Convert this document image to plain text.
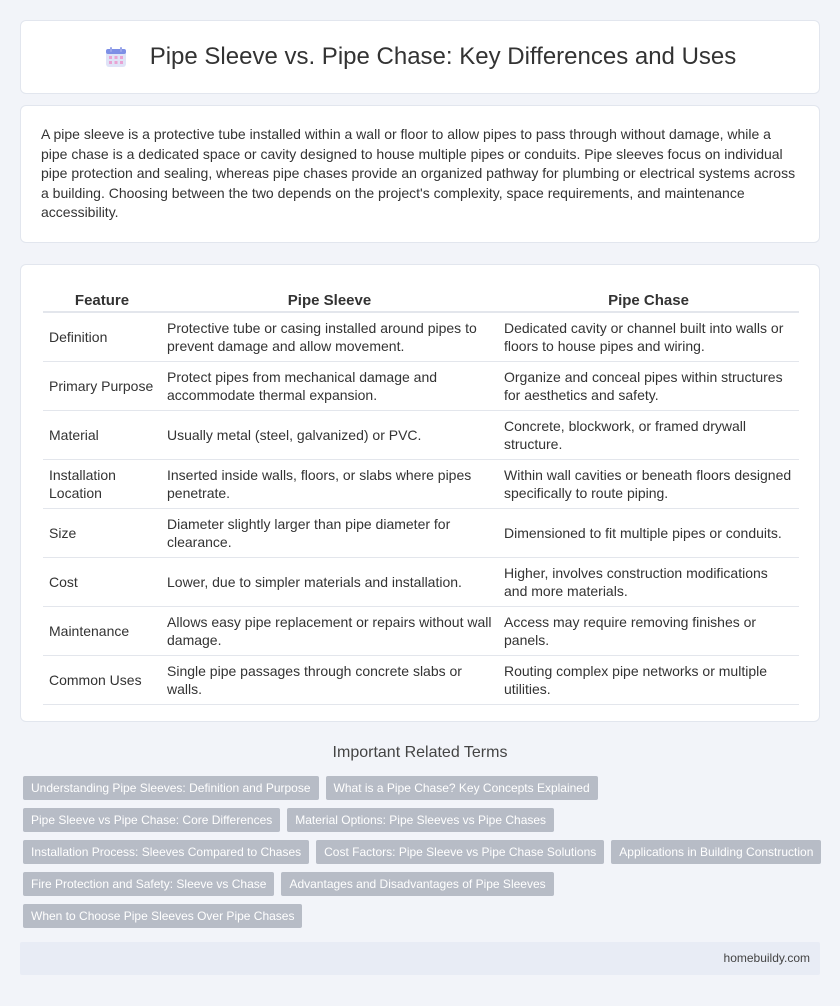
Pipe Sleeve vs. Pipe Chase: Key Differences and Uses

A pipe sleeve is a protective tube installed within a wall or floor to allow pipes to pass through without damage, while a pipe chase is a dedicated space or cavity designed to house multiple pipes or conduits. Pipe sleeves focus on individual pipe protection and sealing, whereas pipe chases provide an organized pathway for plumbing or electrical systems across a building. Choosing between the two depends on the project's complexity, space requirements, and maintenance accessibility.

Feature	Pipe Sleeve	Pipe Chase
Definition	Protective tube or casing installed around pipes to prevent damage and allow movement.	Dedicated cavity or channel built into walls or floors to house pipes and wiring.
Primary Purpose	Protect pipes from mechanical damage and accommodate thermal expansion.	Organize and conceal pipes within structures for aesthetics and safety.
Material	Usually metal (steel, galvanized) or PVC.	Concrete, blockwork, or framed drywall structure.
Installation Location	Inserted inside walls, floors, or slabs where pipes penetrate.	Within wall cavities or beneath floors designed specifically to route piping.
Size	Diameter slightly larger than pipe diameter for clearance.	Dimensioned to fit multiple pipes or conduits.
Cost	Lower, due to simpler materials and installation.	Higher, involves construction modifications and more materials.
Maintenance	Allows easy pipe replacement or repairs without wall damage.	Access may require removing finishes or panels.
Common Uses	Single pipe passages through concrete slabs or walls.	Routing complex pipe networks or multiple utilities.
Important Related Terms
Understanding Pipe Sleeves: Definition and Purpose	What is a Pipe Chase? Key Concepts Explained
Pipe Sleeve vs Pipe Chase: Core Differences	Material Options: Pipe Sleeves vs Pipe Chases
Installation Process: Sleeves Compared to Chases	Cost Factors: Pipe Sleeve vs Pipe Chase Solutions	Applications in Building Construction
Fire Protection and Safety: Sleeve vs Chase	Advantages and Disadvantages of Pipe Sleeves
When to Choose Pipe Sleeves Over Pipe Chases
homebuildy.com
